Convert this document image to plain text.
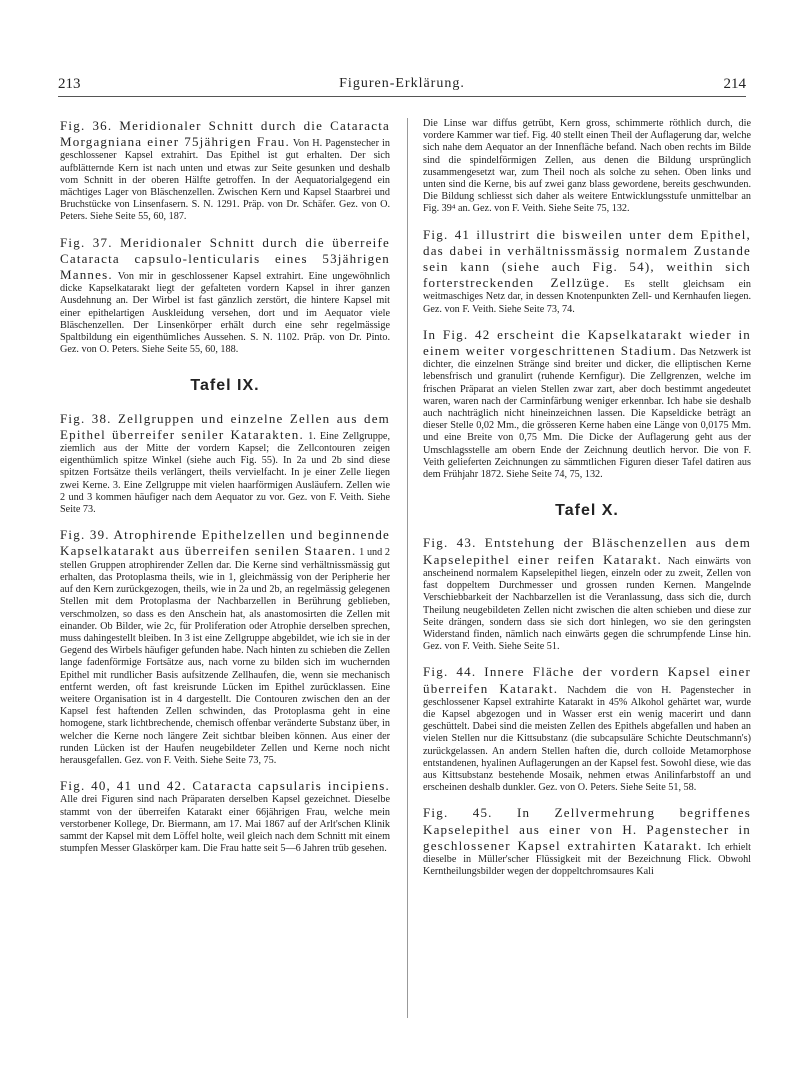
213	Figuren-Erklärung.	214

Fig. 36. Meridionaler Schnitt durch die Cataracta Morgagniana einer 75jährigen Frau. Von H. Pagenstecher in geschlossener Kapsel extrahirt. Das Epithel ist gut erhalten. Der sich aufblätternde Kern ist nach unten und etwas zur Seite gesunken und deshalb vom Schnitt in der oberen Hälfte getroffen. In der Aequatorialgegend ein mächtiges Lager von Bläschenzellen. Zwischen Kern und Kapsel Staarbrei und Bruchstücke von Linsenfasern. S. N. 1291. Präp. von Dr. Schäfer. Gez. von O. Peters. Siehe Seite 55, 60, 187.

Fig. 37. Meridionaler Schnitt durch die überreife Cataracta capsulo-lenticularis eines 53jährigen Mannes. Von mir in geschlossener Kapsel extrahirt. Eine ungewöhnlich dicke Kapselkatarakt liegt der gefalteten vordern Kapsel in ihrer ganzen Ausdehnung an. Der Wirbel ist fast gänzlich zerstört, die hintere Kapsel mit einer epithelartigen Auskleidung versehen, dort und im Aequator viele Bläschenzellen. Der Linsenkörper erhält durch eine sehr regelmässige Spaltbildung ein eigenthümliches Aussehen. S. N. 1102. Präp. von Dr. Pinto. Gez. von O. Peters. Siehe Seite 55, 60, 188.

Tafel IX.

Fig. 38. Zellgruppen und einzelne Zellen aus dem Epithel überreifer seniler Katarakten. 1. Eine Zellgruppe, ziemlich aus der Mitte der vordern Kapsel; die Zellcontouren zeigen eigenthümlich spitze Winkel (siehe auch Fig. 55). In 2a und 2b sind diese spitzen Fortsätze theils verlängert, theils vervielfacht. In je einer Zelle liegen zwei Kerne. 3. Eine Zellgruppe mit vielen haarförmigen Ausläufern. Zellen wie 2 und 3 kommen häufiger nach dem Aequator zu vor. Gez. von F. Veith. Siehe Seite 73.

Fig. 39. Atrophirende Epithelzellen und beginnende Kapselkatarakt aus überreifen senilen Staaren. 1 und 2 stellen Gruppen atrophirender Zellen dar. Die Kerne sind verhältnissmässig gut erhalten, das Protoplasma theils, wie in 1, gleichmässig von der Peripherie her auf den Kern zurückgezogen, theils, wie in 2a und 2b, an regelmässig gelegenen Stellen mit dem Protoplasma der Nachbarzellen in Berührung geblieben, verschmolzen, so dass es den Anschein hat, als anastomosirten die Zellen mit einander. Ob Bilder, wie 2c, für Proliferation oder Atrophie derselben sprechen, muss dahingestellt bleiben. In 3 ist eine Zellgruppe abgebildet, wie ich sie in der Gegend des Wirbels häufiger gefunden habe. Nach hinten zu schieben die Zellen lange fadenförmige Fortsätze aus, nach vorne zu bilden sich im wuchernden Epithel mit rundlicher Basis aufsitzende Zellhaufen, die, wenn sie mechanisch entfernt werden, oft fast kreisrunde Lücken im Epithel zurücklassen. Eine weitere Organisation ist in 4 dargestellt. Die Contouren zwischen den an der Kapsel fest haftenden Zellen schwinden, das Protoplasma geht in eine homogene, stark lichtbrechende, chemisch offenbar veränderte Substanz über, in welcher die Kerne noch längere Zeit sichtbar bleiben können. Aus einer der runden Lücken ist der Haufen neugebildeter Zellen und Kerne noch nicht herausgefallen. Gez. von F. Veith. Siehe Seite 73, 75.

Fig. 40, 41 und 42. Cataracta capsularis incipiens. Alle drei Figuren sind nach Präparaten derselben Kapsel gezeichnet. Dieselbe stammt von der überreifen Katarakt einer 66jährigen Frau, welche mein verstorbener Kollege, Dr. Biermann, am 17. Mai 1867 auf der Arlt'schen Klinik sammt der Kapsel mit dem Löffel holte, weil gleich nach dem Schnitt mit einem stumpfen Messer Glaskörper kam. Die Frau hatte seit 5—6 Jahren trüb gesehen.

Die Linse war diffus getrübt, Kern gross, schimmerte röthlich durch, die vordere Kammer war tief. Fig. 40 stellt einen Theil der Auflagerung dar, welche sich nahe dem Aequator an der Innenfläche befand. Nach oben rechts im Bilde sind die spindelförmigen Zellen, aus denen die Bildung ursprünglich zusammengesetzt war, zum Theil noch als solche zu sehen. Oben links und unten sind die Kerne, bis auf zwei ganz blass gewordene, bereits geschwunden. Die Bildung schliesst sich daher als weitere Entwicklungsstufe unmittelbar an Fig. 39⁴ an. Gez. von F. Veith. Siehe Seite 75, 132.

Fig. 41 illustrirt die bisweilen unter dem Epithel, das dabei in verhältnissmässig normalem Zustande sein kann (siehe auch Fig. 54), weithin sich forterstreckenden Zellzüge. Es stellt gleichsam ein weitmaschiges Netz dar, in dessen Knotenpunkten Zell- und Kernhaufen liegen. Gez. von F. Veith. Siehe Seite 73, 74.

In Fig. 42 erscheint die Kapselkatarakt wieder in einem weiter vorgeschrittenen Stadium. Das Netzwerk ist dichter, die einzelnen Stränge sind breiter und dicker, die elliptischen Kerne lebensfrisch und granulirt (ruhende Kernfigur). Die Zellgrenzen, welche im frischen Präparat an vielen Stellen zwar zart, aber doch bestimmt angedeutet waren, waren nach der Carminfärbung weniger erkennbar. Ich habe sie deshalb auch nachträglich nicht hineinzeichnen lassen. Die Kapseldicke beträgt an dieser Stelle 0,02 Mm., die grösseren Kerne haben eine Länge von 0,0175 Mm. und eine Breite von 0,75 Mm. Die Dicke der Auflagerung geht aus der Umschlagsstelle am obern Ende der Zeichnung deutlich hervor. Die von F. Veith gelieferten Zeichnungen zu sämmtlichen Figuren dieser Tafel datiren aus dem Frühjahr 1872. Siehe Seite 74, 75, 132.

Tafel X.

Fig. 43. Entstehung der Bläschenzellen aus dem Kapselepithel einer reifen Katarakt. Nach einwärts von anscheinend normalem Kapselepithel liegen, einzeln oder zu zweit, Zellen von fast doppeltem Durchmesser und grossen runden Kernen. Mangelnde Verschiebbarkeit der Nachbarzellen ist die Veranlassung, dass sich die, durch Theilung neugebildeten Zellen nicht zwischen die alten schieben und diese zur Seite drängen, sondern dass sie sich dort hinlegen, wo sie den geringsten Widerstand finden, nämlich nach einwärts gegen die schrumpfende Linse hin. Gez. von F. Veith. Siehe Seite 51.

Fig. 44. Innere Fläche der vordern Kapsel einer überreifen Katarakt. Nachdem die von H. Pagenstecher in geschlossener Kapsel extrahirte Katarakt in 45% Alkohol gehärtet war, wurde die Kapsel abgezogen und in Wasser erst ein wenig macerirt und dann geschüttelt. Dabei sind die meisten Zellen des Epithels abgefallen und haben an vielen Stellen nur die Kittsubstanz (die subcapsuläre Schichte Deutschmann's) zurückgelassen. An andern Stellen haften die, durch colloide Metamorphose entstandenen, hyalinen Auflagerungen an der Kapsel fest. Sowohl diese, wie das aus Kittsubstanz bestehende Mosaik, nehmen etwas Anilinfarbstoff an und erscheinen deshalb dunkler. Gez. von O. Peters. Siehe Seite 51, 58.

Fig. 45. In Zellvermehrung begriffenes Kapselepithel aus einer von H. Pagenstecher in geschlossener Kapsel extrahirten Katarakt. Ich erhielt dieselbe in Müller'scher Flüssigkeit mit der Bezeichnung Flick. Obwohl Kerntheilungsbilder wegen der doppeltchromsaures Kali
